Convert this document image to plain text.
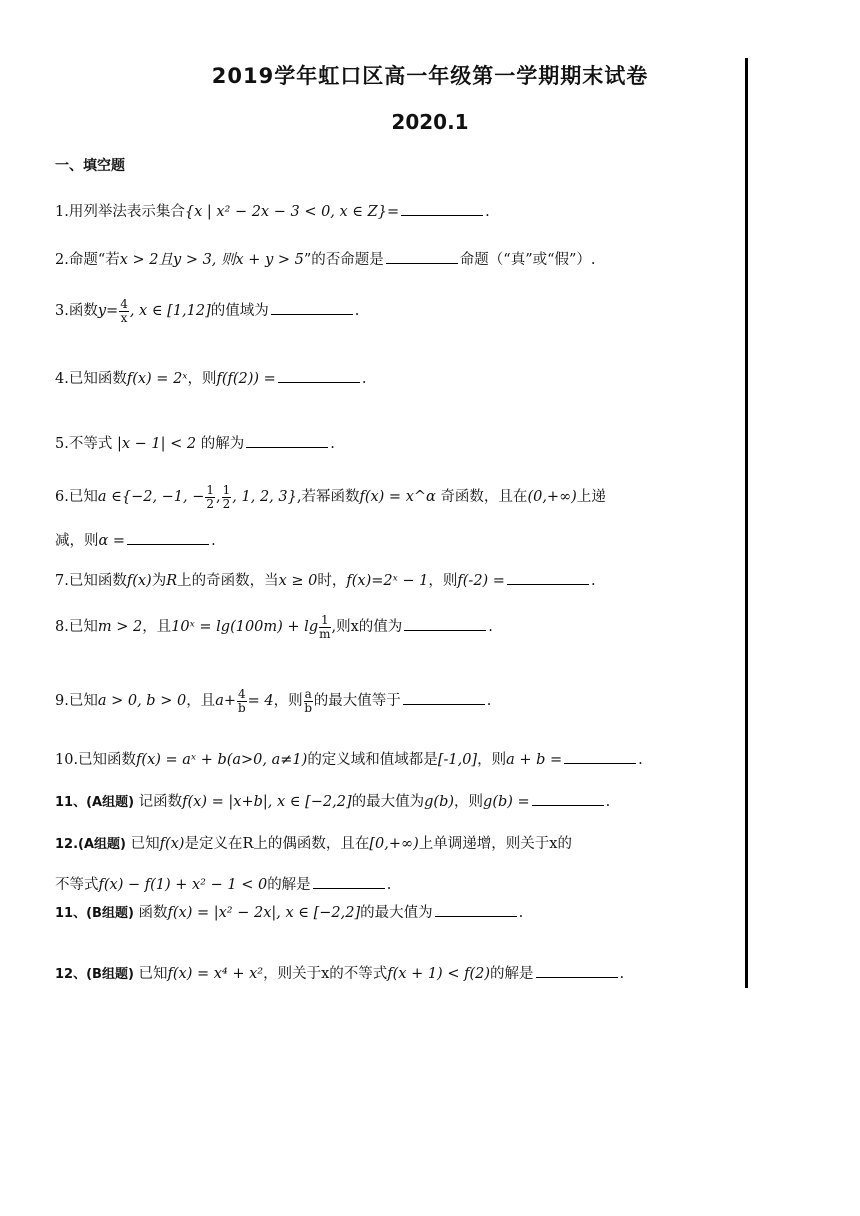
2019学年虹口区高一年级第一学期期末试卷
2020.1
一、填空题
1.用列举法表示集合{x | x² − 2x − 3 < 0, x ∈ Z}=	.
2.命题“若x > 2且y > 3, 则x + y > 5”的否命题是	命题（“真”或“假”）.
3.函数$y= \frac{4}{x}$ , x ∈ [1,12]的值域为	.
4.已知函数f(x) = 2ˣ，则f(f(2)) =	.
5.不等式 |x − 1| < 2 的解为	.
6.已知a ∈{−2, −1, − $\frac{1}{2}$ , $\frac{1}{2}$ , 1, 2, 3},若幂函数f(x) = x^α 奇函数，且在(0,+∞)上递
减，则α =	.
7.已知函数f(x)为R上的奇函数，当x ≥ 0时，f(x)=2ˣ − 1，则f(-2) =	.
8.已知m > 2，且10ˣ = $\lg(100m) + \lg \frac{1}{m}$ ,则x的值为	.
9.已知a > 0, b > 0，且$a+ \frac{4}{b} = 4$，则 $\frac{a}{b}$ 的最大值等于	.
10.已知函数f(x) = aˣ + b(a>0, a≠1)的定义域和值域都是[-1,0]，则a + b =	.
11、(A组题) 记函数f(x) = |x+b|, x ∈ [−2,2]的最大值为g(b)，则g(b) =	.
12.(A组题) 已知f(x)是定义在R上的偶函数，且在[0,+∞)上单调递增，则关于x的
不等式f(x) − f(1) + x² − 1 < 0的解是	.
11、(B组题) 函数f(x) = |x² − 2x|, x ∈ [−2,2]的最大值为	.
12、(B组题) 已知f(x) = x⁴ + x²，则关于x的不等式f(x + 1) < f(2)的解是	.
